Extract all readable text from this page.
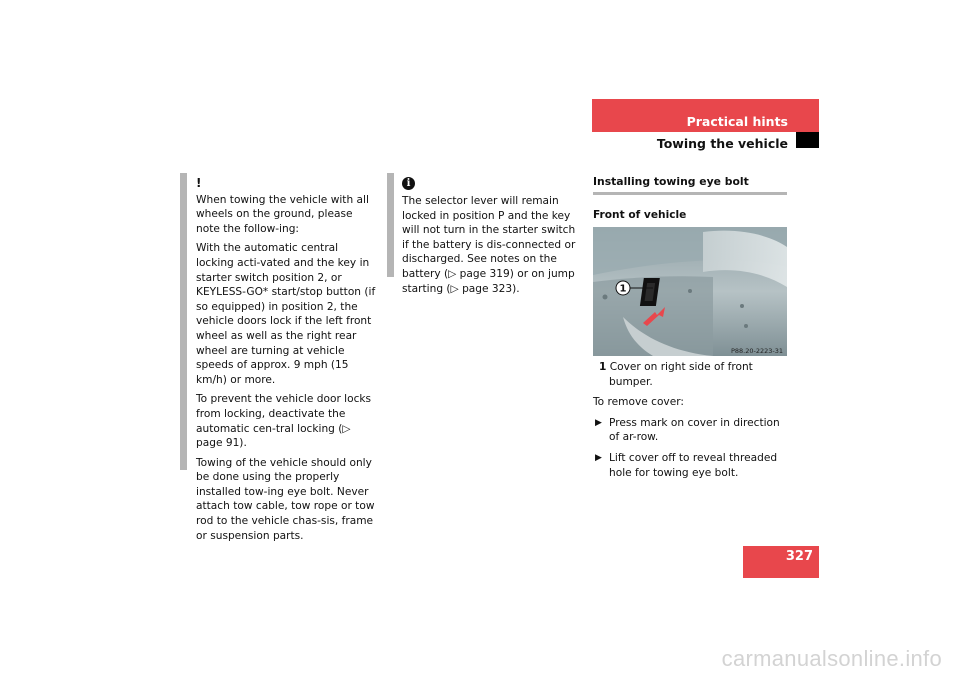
Practical hints
Towing the vehicle
!

When towing the vehicle with all wheels on the ground, please note the follow-ing:

With the automatic central locking acti-vated and the key in starter switch position 2, or KEYLESS-GO* start/stop button (if so equipped) in position 2, the vehicle doors lock if the left front wheel as well as the right rear wheel are turning at vehicle speeds of approx. 9 mph (15 km/h) or more.

To prevent the vehicle door locks from locking, deactivate the automatic cen-tral locking (▷ page 91).

Towing of the vehicle should only be done using the properly installed tow-ing eye bolt. Never attach tow cable, tow rope or tow rod to the vehicle chas-sis, frame or suspension parts.

i

The selector lever will remain locked in position P and the key will not turn in the starter switch if the battery is dis-connected or discharged. See notes on the battery (▷ page 319) or on jump starting (▷ page 323).

Installing towing eye bolt
Front of vehicle
1
P88.20-2223-31

1 Cover on right side of front bumper.

To remove cover:

▶ Press mark on cover in direction of ar-row.

▶ Lift cover off to reveal threaded hole for towing eye bolt.

327
carmanualsonline.info
